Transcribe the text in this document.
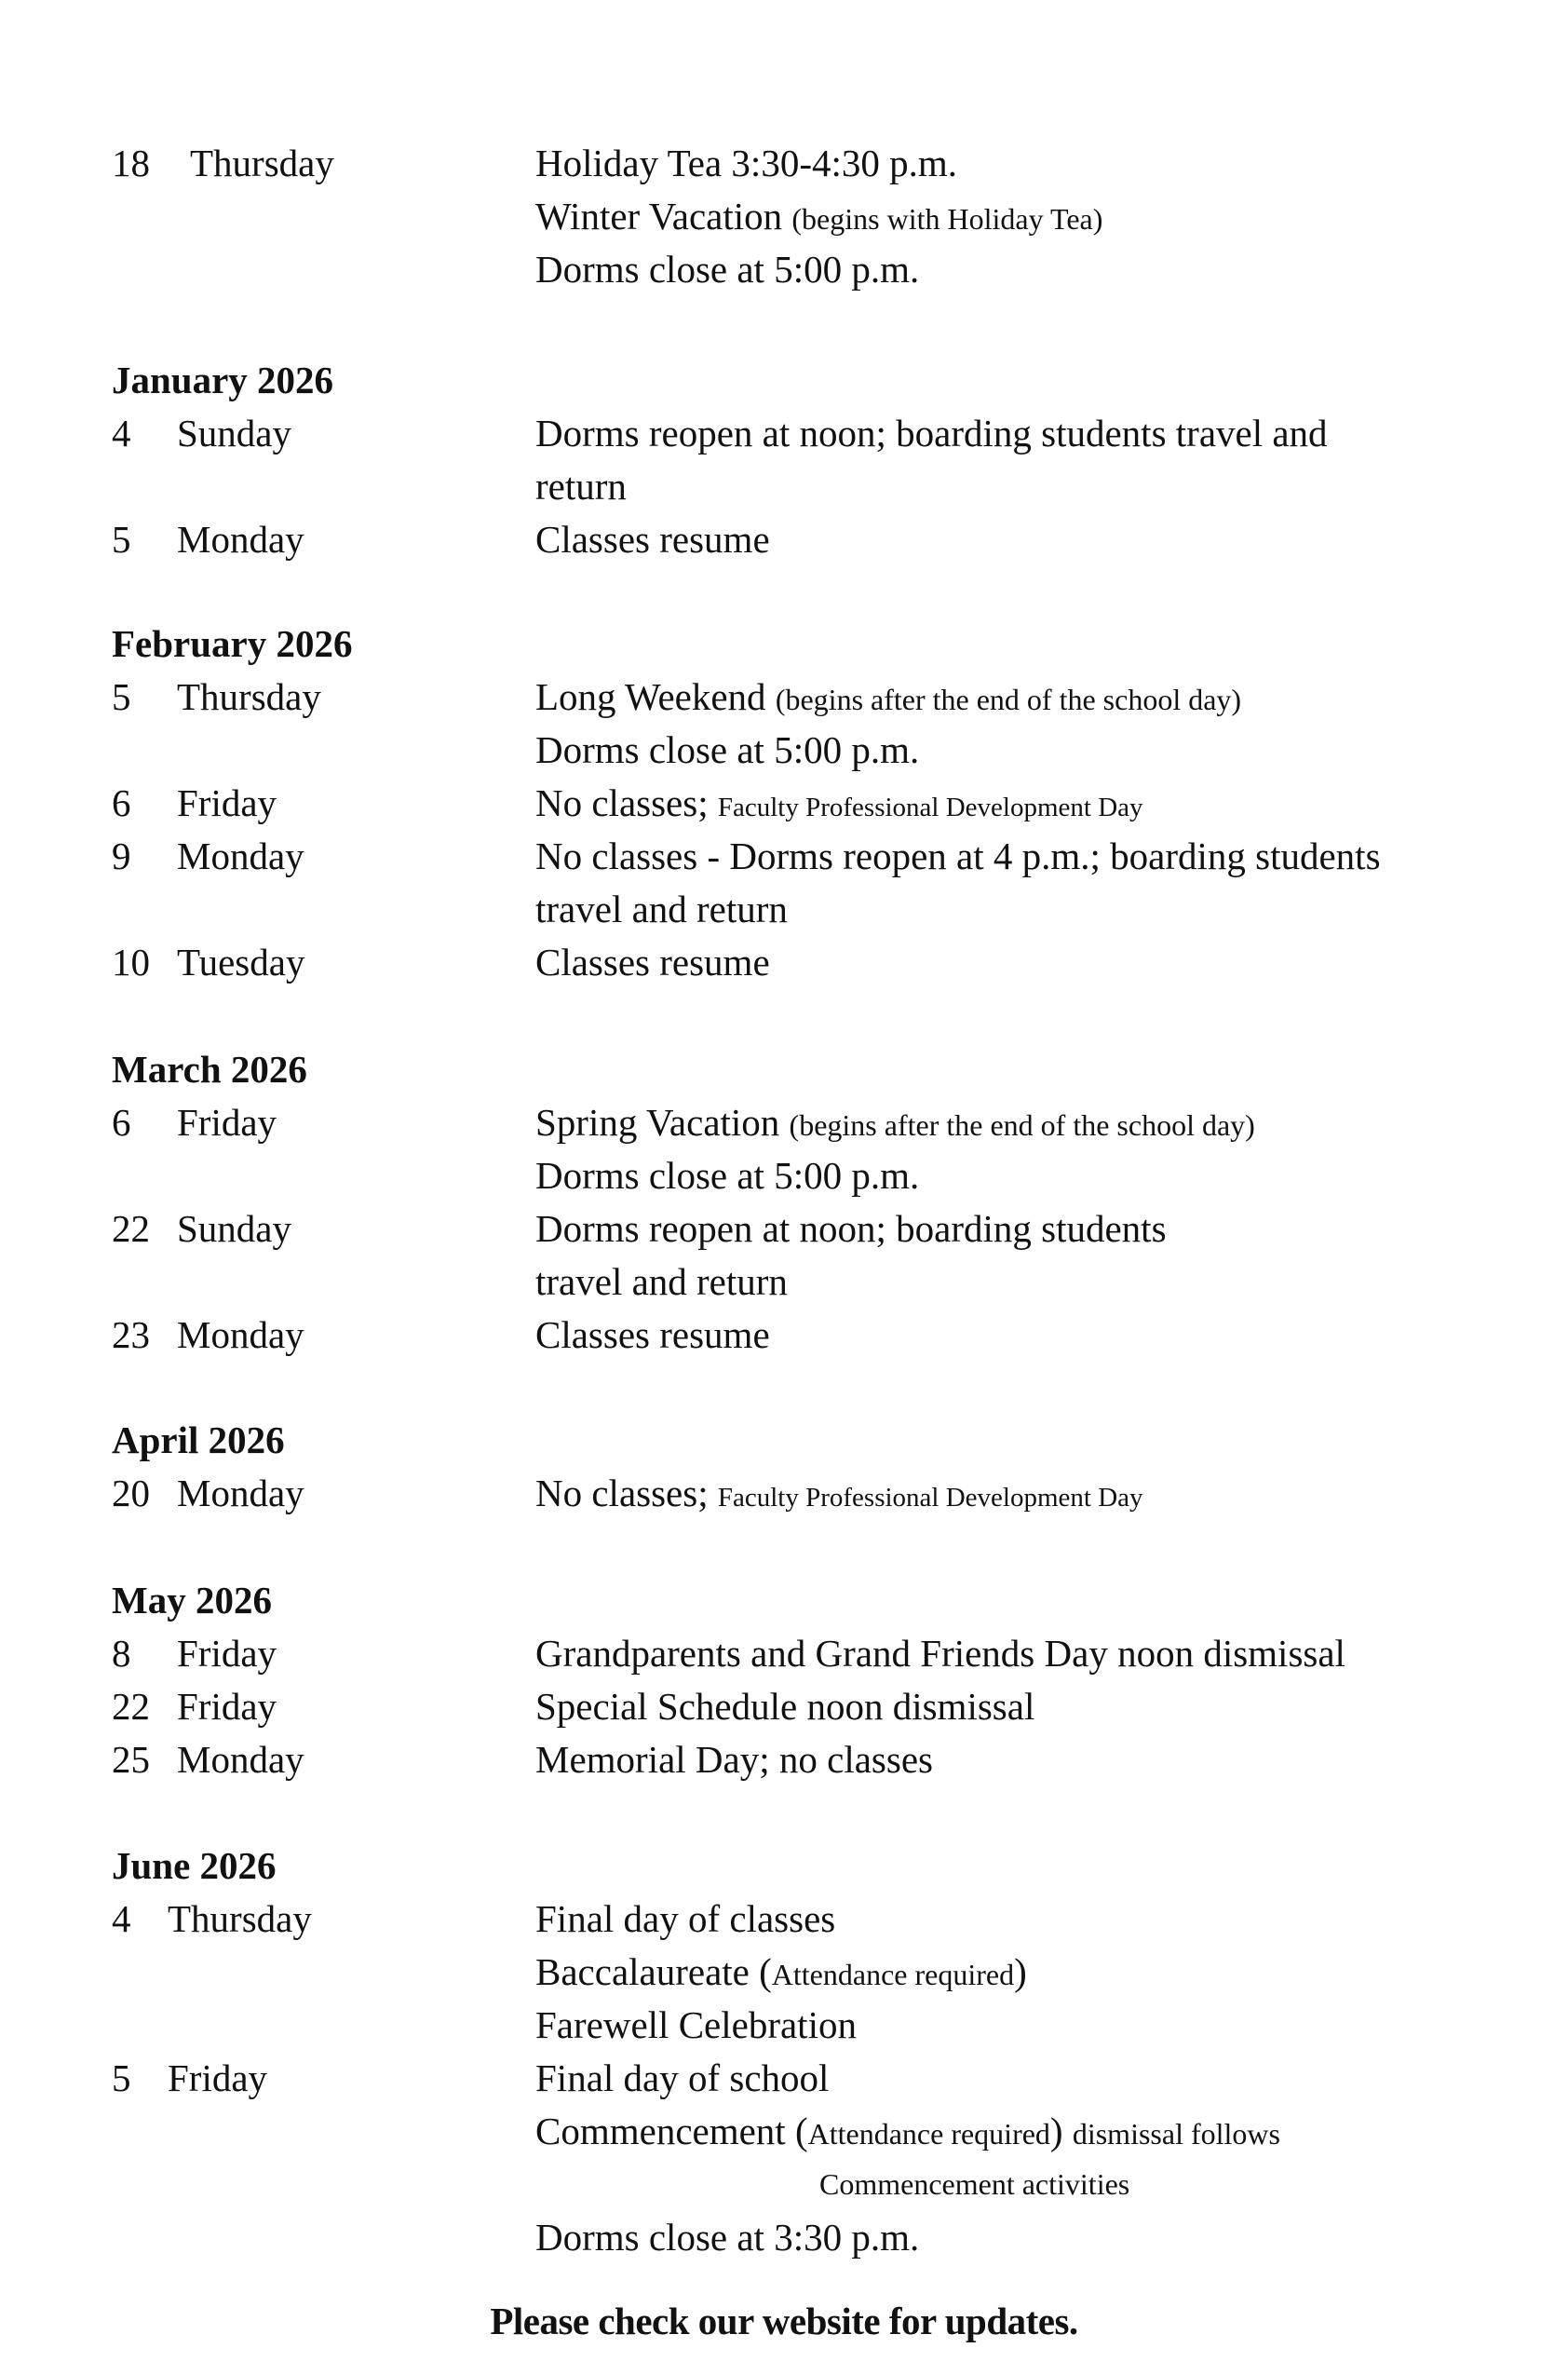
18 Thursday	Holiday Tea 3:30-4:30 p.m.
Winter Vacation (begins with Holiday Tea)
Dorms close at 5:00 p.m.
January 2026
4 Sunday	Dorms reopen at noon; boarding students travel and
return
5 Monday	Classes resume
February 2026
5 Thursday	Long Weekend (begins after the end of the school day)
Dorms close at 5:00 p.m.
6 Friday	No classes; Faculty Professional Development Day
9 Monday	No classes - Dorms reopen at 4 p.m.; boarding students
travel and return
10 Tuesday	Classes resume
March 2026
6 Friday	Spring Vacation (begins after the end of the school day)
Dorms close at 5:00 p.m.
22 Sunday	Dorms reopen at noon; boarding students
travel and return
23 Monday	Classes resume
April 2026
20 Monday	No classes; Faculty Professional Development Day
May 2026
8 Friday	Grandparents and Grand Friends Day noon dismissal
22 Friday	Special Schedule noon dismissal
25 Monday	Memorial Day; no classes
June 2026
4 Thursday	Final day of classes
Baccalaureate (Attendance required)
Farewell Celebration
5 Friday	Final day of school
Commencement (Attendance required) dismissal follows
Commencement activities
Dorms close at 3:30 p.m.
Please check our website for updates.
